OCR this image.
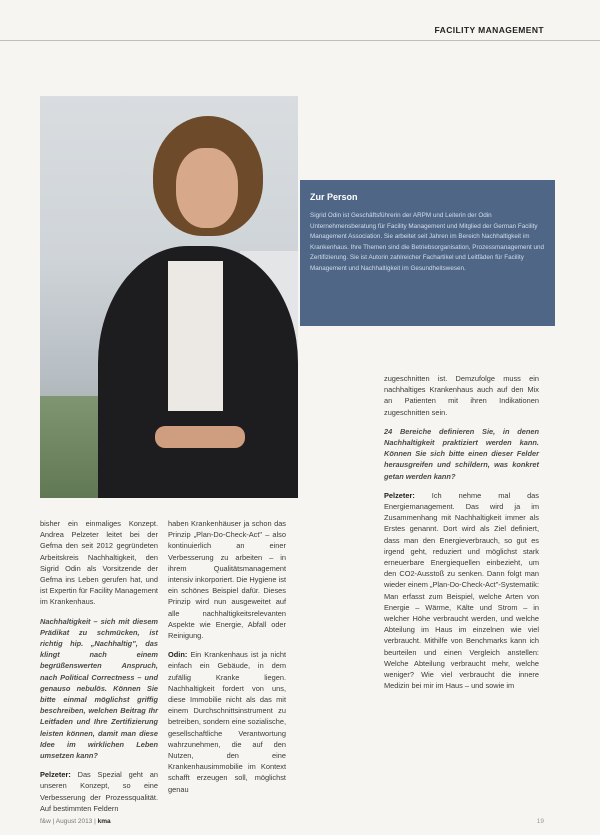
FACILITY MANAGEMENT
Zur Person
Sigrid Odin ist Geschäftsführerin der ARPM und Leiterin der Odin Unternehmensberatung für Facility Management und Mitglied der German Facility Management Association. Sie arbeitet seit Jahren im Bereich Nachhaltigkeit im Krankenhaus. Ihre Themen sind die Betriebsorganisation, Prozessmanagement und Zertifizierung. Sie ist Autorin zahlreicher Fachartikel und Leitfäden für Facility Management und Nachhaltigkeit im Gesundheitswesen.

bisher ein einmaliges Konzept. Andrea Pelzeter leitet bei der Gefma den seit 2012 gegründeten Arbeitskreis Nachhaltigkeit, den Sigrid Odin als Vorsitzende der Gefma ins Leben gerufen hat, und ist Expertin für Facility Management im Krankenhaus.

Nachhaltigkeit – sich mit diesem Prädikat zu schmücken, ist richtig hip. „Nachhaltig", das klingt nach einem begrüßenswerten Anspruch, nach Political Correctness – und genauso nebulös. Können Sie bitte einmal möglichst griffig beschreiben, welchen Beitrag Ihr Leitfaden und Ihre Zertifizierung leisten können, damit man diese Idee im wirklichen Leben umsetzen kann?

Pelzeter: Das Spezial geht an unseren Konzept, so eine Verbesserung der Prozessqualität. Auf bestimmten Feldern

haben Krankenhäuser ja schon das Prinzip „Plan-Do-Check-Act" – also kontinuierlich an einer Verbesserung zu arbeiten – in ihrem Qualitätsmanagement intensiv inkorporiert. Die Hygiene ist ein schönes Beispiel dafür. Dieses Prinzip wird nun ausgeweitet auf alle nachhaltigkeitsrelevanten Aspekte wie Energie, Abfall oder Reinigung.

Odin: Ein Krankenhaus ist ja nicht einfach ein Gebäude, in dem zufällig Kranke liegen. Nachhaltigkeit fordert von uns, diese Immobilie nicht als das mit einem Durchschnittsinstrument zu betreiben, sondern eine sozialische, gesellschaftliche Verantwortung wahrzunehmen, die auf den Nutzen, den eine Krankenhausimmobilie im Kontext schafft erzeugen soll, möglichst genau

zugeschnitten ist. Demzufolge muss ein nachhaltiges Krankenhaus auch auf den Mix an Patienten mit ihren Indikationen zugeschnitten sein.

24 Bereiche definieren Sie, in denen Nachhaltigkeit praktiziert werden kann. Können Sie sich bitte einen dieser Felder herausgreifen und schildern, was konkret getan werden kann?

Pelzeter: Ich nehme mal das Energiemanagement. Das wird ja im Zusammenhang mit Nachhaltigkeit immer als Erstes genannt. Dort wird als Ziel definiert, dass man den Energieverbrauch, so gut es irgend geht, reduziert und möglichst stark erneuerbare Energiequellen einbezieht, um den CO2-Ausstoß zu senken. Dann folgt man wieder einem „Plan-Do-Check-Act"-Systematik: Man erfasst zum Beispiel, welche Arten von Energie – Wärme, Kälte und Strom – in welcher Höhe verbraucht werden, und welche Abteilung im Haus im einzelnen wie viel verbraucht. Mithilfe von Benchmarks kann ich beurteilen und einen Vergleich anstellen: Welche Abteilung verbraucht mehr, welche weniger? Wie viel verbraucht die innere Medizin bei mir im Haus – und sowie im

f&w | August 2013 | kma	19
